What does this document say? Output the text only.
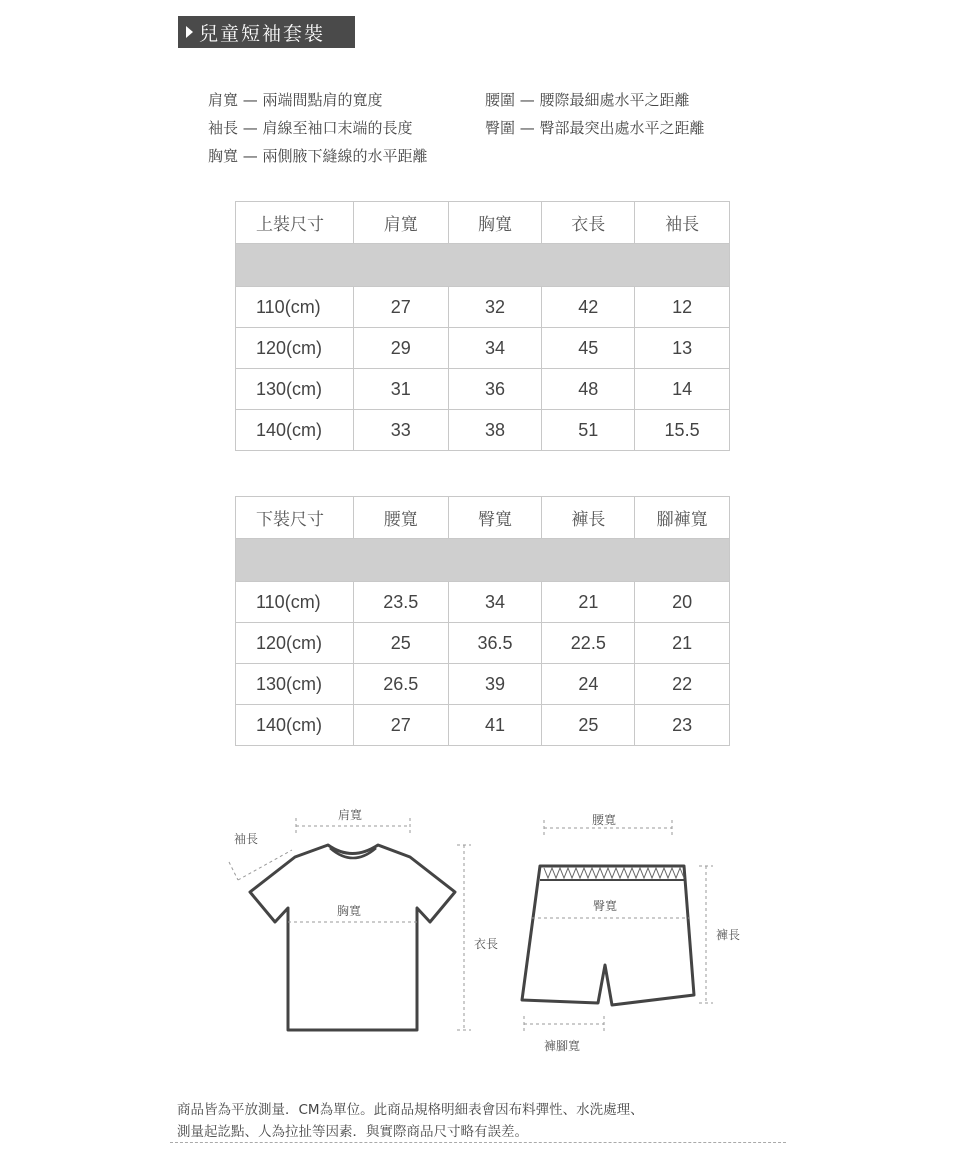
兒童短袖套裝
肩寬 — 兩端間點肩的寬度
袖長 — 肩線至袖口末端的長度
胸寬 — 兩側腋下縫線的水平距離
腰圍 — 腰際最細處水平之距離
臀圍 — 臀部最突出處水平之距離
上裝尺寸	肩寬	胸寬	衣長	袖長

110(cm)	27	32	42	12
120(cm)	29	34	45	13
130(cm)	31	36	48	14
140(cm)	33	38	51	15.5
下裝尺寸	腰寬	臀寬	褲長	腳褲寬

110(cm)	23.5	34	21	20
120(cm)	25	36.5	22.5	21
130(cm)	26.5	39	24	22
140(cm)	27	41	25	23
肩寬
袖長
胸寬
衣長
腰寬
臀寬
褲長
褲腳寬
商品皆為平放測量．CM為單位。此商品規格明細表會因布料彈性、水洗處理、
測量起訖點、人為拉扯等因素．與實際商品尺寸略有誤差。
